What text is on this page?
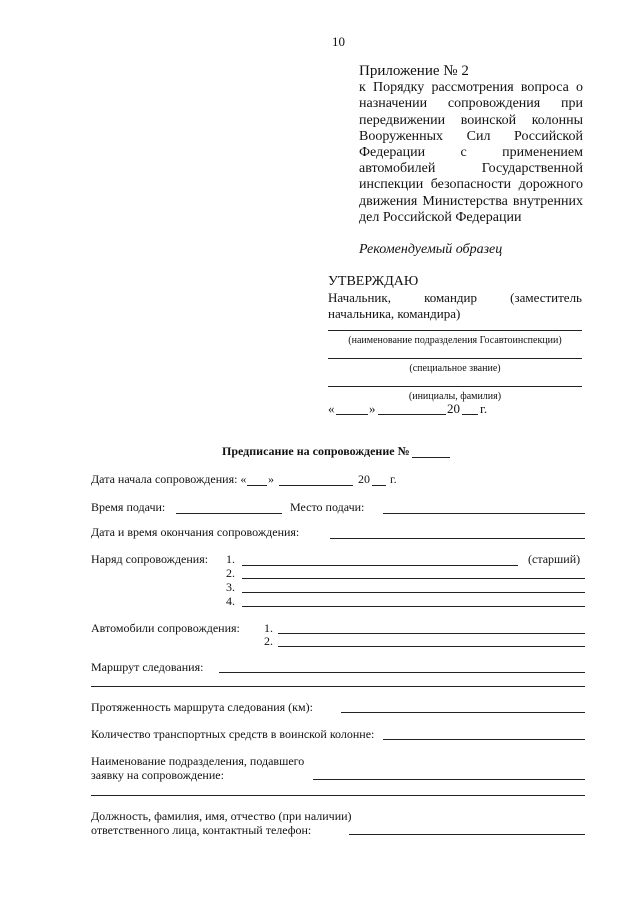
10
Приложение № 2
к Порядку рассмотрения вопроса о назначении сопровождения при передвижении воинской колонны Вооруженных Сил Российской Федерации с применением автомобилей Государственной инспекции безопасности дорожного движения Министерства внутренних дел Российской Федерации
Рекомендуемый образец
УТВЕРЖДАЮ
Начальник, командир (заместитель
начальника, командира)
(наименование подразделения Госавтоинспекции)
(специальное звание)
(инициалы, фамилия)
«	»	20 г.
Предписание на сопровождение №
Дата начала сопровождения: « »	20 г.
Время подачи:	Место подачи:
Дата и время окончания сопровождения:
Наряд сопровождения: 1.	(старший)
2.
3.
4.
Автомобили сопровождения: 1.
2.
Маршрут следования:
Протяженность маршрута следования (км):
Количество транспортных средств в воинской колонне:
Наименование подразделения, подавшего
заявку на сопровождение:
Должность, фамилия, имя, отчество (при наличии)
ответственного лица, контактный телефон:
